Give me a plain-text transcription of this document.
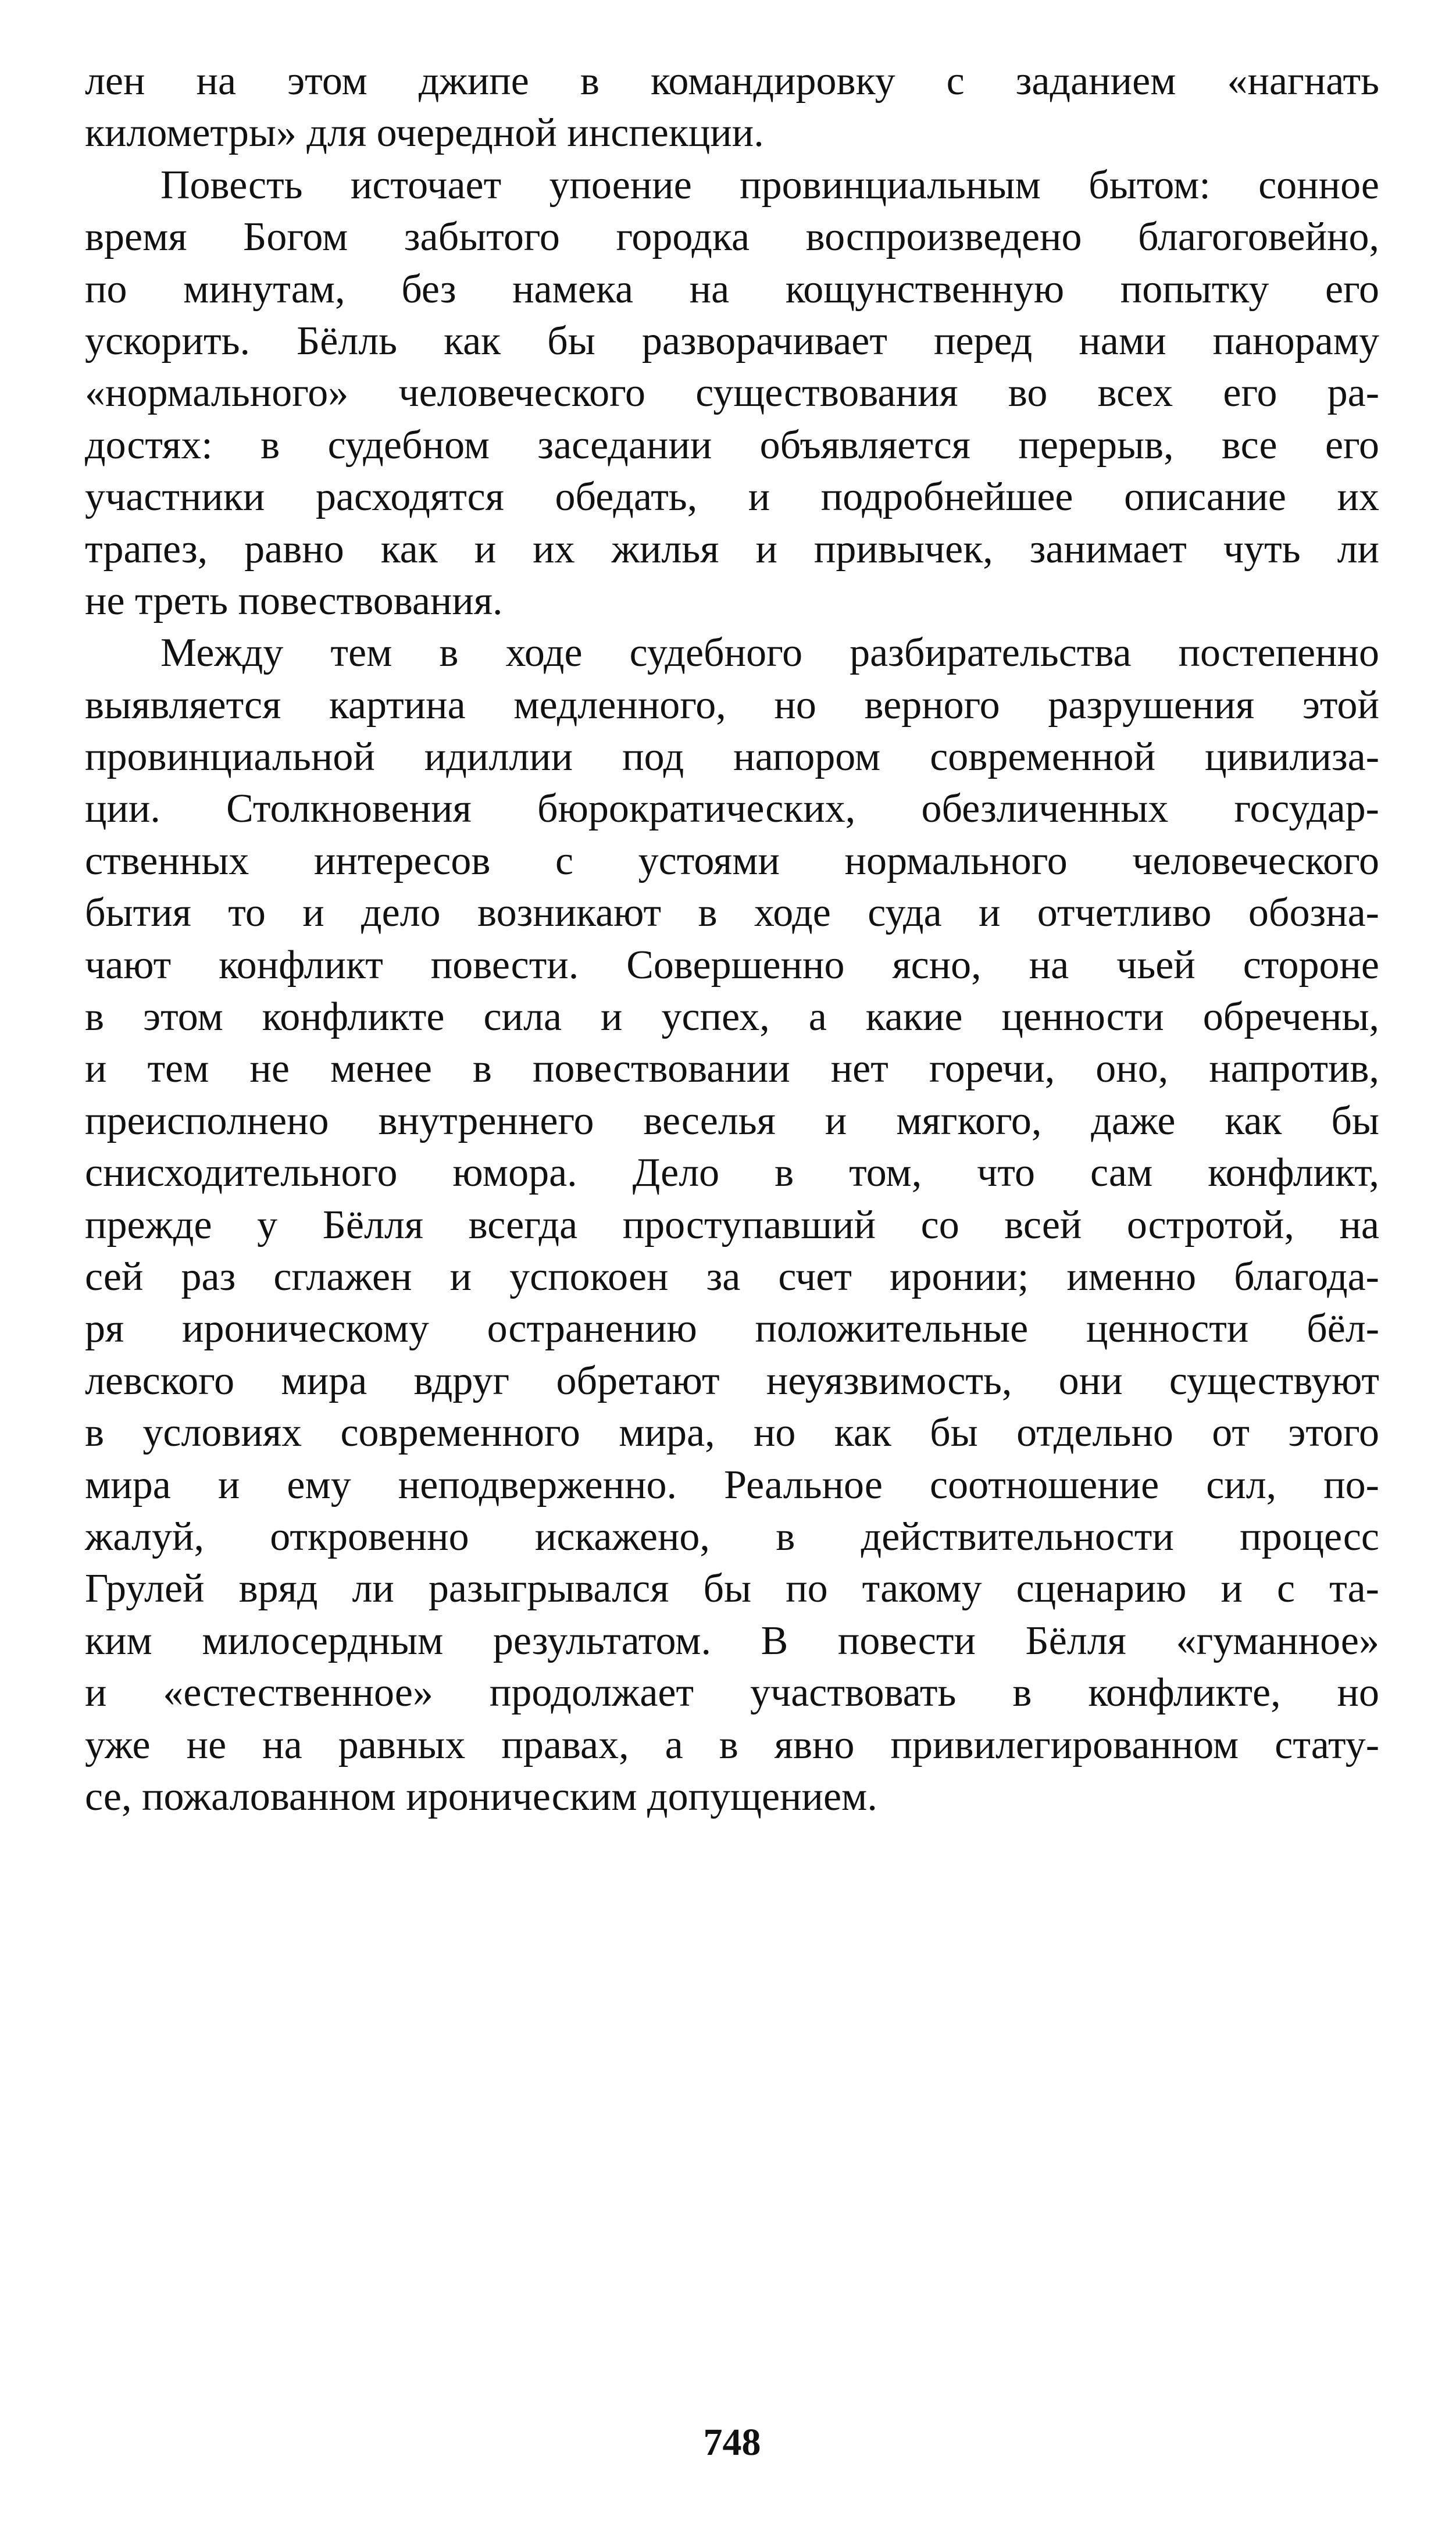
лен на этом джипе в командировку с заданием «нагнать
километры» для очередной инспекции.
Повесть источает упоение провинциальным бытом: сонное
время Богом забытого городка воспроизведено благоговейно,
по минутам, без намека на кощунственную попытку его
ускорить. Бёлль как бы разворачивает перед нами панораму
«нормального» человеческого существования во всех его ра-
достях: в судебном заседании объявляется перерыв, все его
участники расходятся обедать, и подробнейшее описание их
трапез, равно как и их жилья и привычек, занимает чуть ли
не треть повествования.
Между тем в ходе судебного разбирательства постепенно
выявляется картина медленного, но верного разрушения этой
провинциальной идиллии под напором современной цивилиза-
ции. Столкновения бюрократических, обезличенных государ-
ственных интересов с устоями нормального человеческого
бытия то и дело возникают в ходе суда и отчетливо обозна-
чают конфликт повести. Совершенно ясно, на чьей стороне
в этом конфликте сила и успех, а какие ценности обречены,
и тем не менее в повествовании нет горечи, оно, напротив,
преисполнено внутреннего веселья и мягкого, даже как бы
снисходительного юмора. Дело в том, что сам конфликт,
прежде у Бёлля всегда проступавший со всей остротой, на
сей раз сглажен и успокоен за счет иронии; именно благода-
ря ироническому остранению положительные ценности бёл-
левского мира вдруг обретают неуязвимость, они существуют
в условиях современного мира, но как бы отдельно от этого
мира и ему неподверженно. Реальное соотношение сил, по-
жалуй, откровенно искажено, в действительности процесс
Грулей вряд ли разыгрывался бы по такому сценарию и с та-
ким милосердным результатом. В повести Бёлля «гуманное»
и «естественное» продолжает участвовать в конфликте, но
уже не на равных правах, а в явно привилегированном стату-
се, пожалованном ироническим допущением.
748
